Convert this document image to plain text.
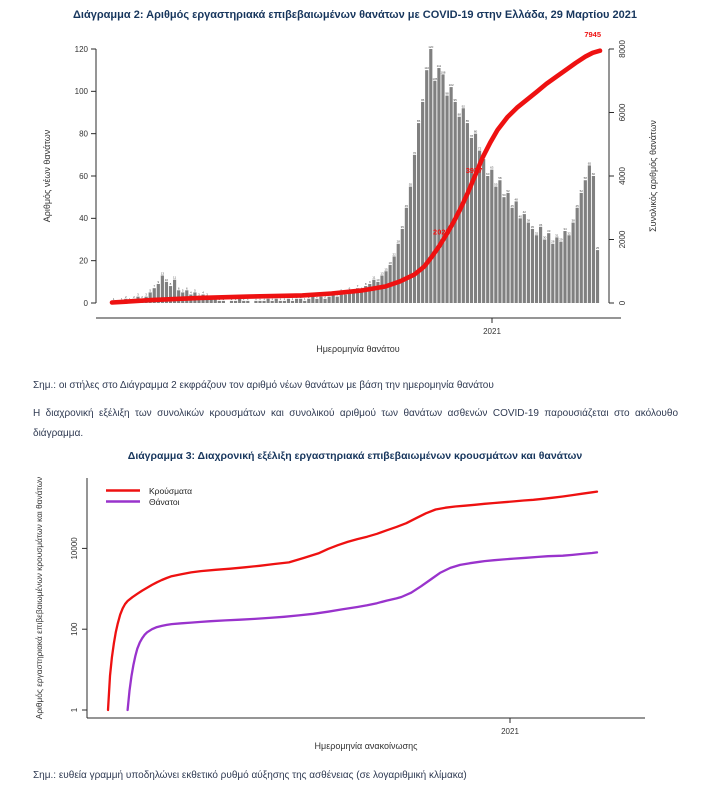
Αριθμός νέων θανάτων	Συνολικός αριθμός θανάτων
Ημερομηνία θανάτου
2021
0
20
40
60
80
100
120
0
2000
4000
6000
8000
1 1
2
1
2
3
2
3
5
7
9
13
10
8
11
6
5
6
4
5
3
4
3
2 2
1 1 1 1
2
1 1 1 1 1
2
1
2
1 1
2
1
2 2
1
2
3
2
3
2
3
4
3
5
4
6
5
7
6
8
9
11
10
13
15
18
22
28
35
45
55
70
85
95
110
120
105
111
108
98
102
95
88
92
85
78
80
72
68
60
63
55
58
50
52
45
48
40
42
38
35
32
36
30
33
28
31
29
34
32
38
45
52
58
65
60
25
2025
3977
7945
Αριθμός εργαστηριακά επιβεβαιωμένων κρουσμάτων και θανάτων
Ημερομηνία ανακοίνωσης
2021
Κρούσματα
Θάνατοι
1
100
10000
Διάγραμμα 2: Αριθμός εργαστηριακά επιβεβαιωμένων θανάτων με COVID-19 στην Ελλάδα, 29 Μαρτίου 2021
Σημ.: οι στήλες στο Διάγραμμα 2 εκφράζουν τον αριθμό νέων θανάτων με βάση την ημερομηνία θανάτου
Η διαχρονική εξέλιξη των συνολικών κρουσμάτων και συνολικού αριθμού των θανάτων ασθενών COVID-19 παρουσιάζεται στο ακόλουθο διάγραμμα.
Διάγραμμα 3: Διαχρονική εξέλιξη εργαστηριακά επιβεβαιωμένων κρουσμάτων και θανάτων
Σημ.: ευθεία γραμμή υποδηλώνει εκθετικό ρυθμό αύξησης της ασθένειας (σε λογαριθμική κλίμακα)
